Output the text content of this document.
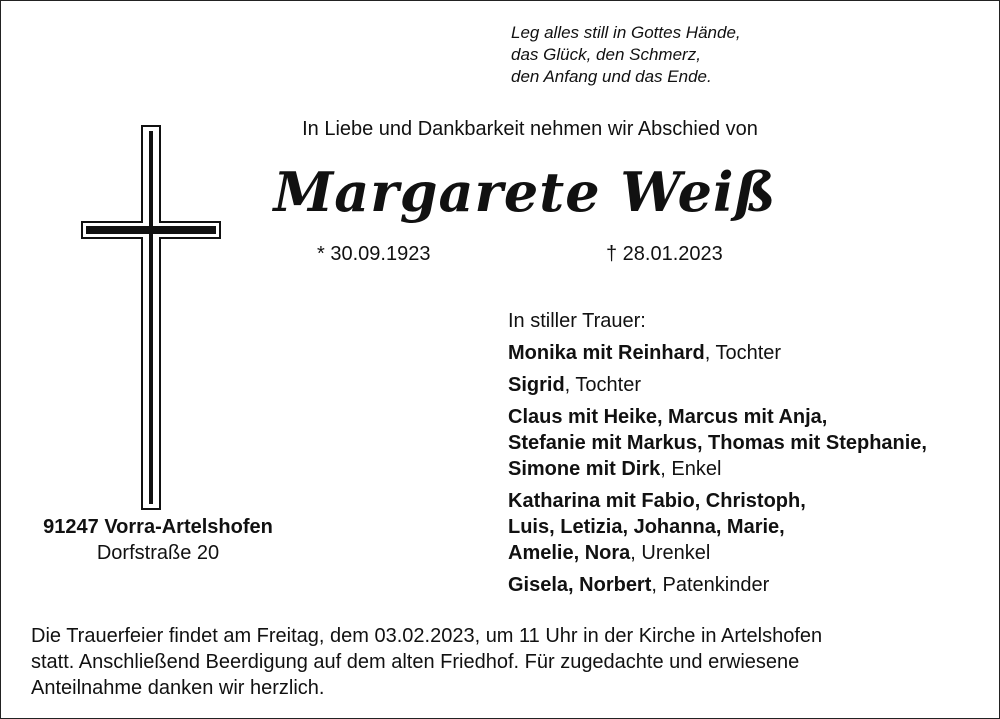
Leg alles still in Gottes Hände,
das Glück, den Schmerz,
den Anfang und das Ende.
In Liebe und Dankbarkeit nehmen wir Abschied von
Margarete Weiß
* 30.09.1923	† 28.01.2023
91247 Vorra-Artelshofen
Dorfstraße 20
In stiller Trauer:
Monika mit Reinhard, Tochter
Sigrid, Tochter
Claus mit Heike, Marcus mit Anja,
Stefanie mit Markus, Thomas mit Stephanie,
Simone mit Dirk, Enkel
Katharina mit Fabio, Christoph,
Luis, Letizia, Johanna, Marie,
Amelie, Nora, Urenkel
Gisela, Norbert, Patenkinder
Die Trauerfeier findet am Freitag, dem 03.02.2023, um 11 Uhr in der Kirche in Artelshofen
statt. Anschließend Beerdigung auf dem alten Friedhof. Für zugedachte und erwiesene
Anteilnahme danken wir herzlich.
